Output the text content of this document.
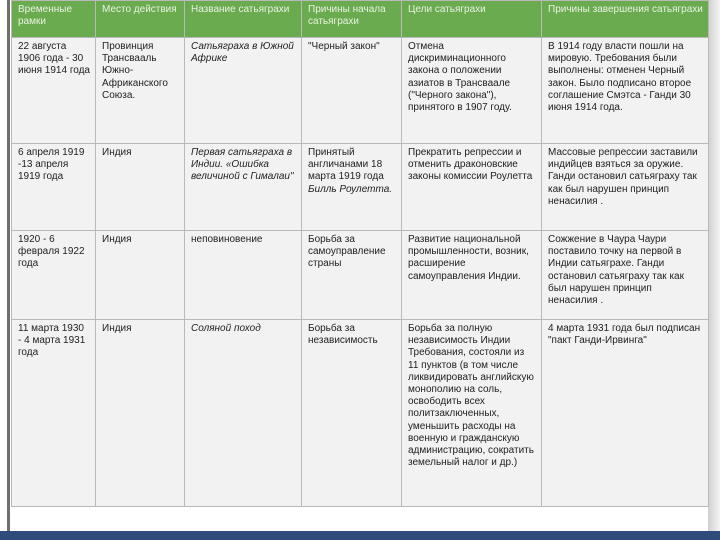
Временные рамки	Место действия	Название сатьяграхи	Причины начала сатьяграхи	Цели сатьяграхи	Причины завершения сатьяграхи
22 августа 1906 года - 30 июня 1914 года	Провинция Трансвааль Южно-Африканского Союза.	Сатьяграха в Южной Африке	"Черный закон"	Отмена дискриминационного закона о положении азиатов в Трансваале ("Черного закона"), принятого в 1907 году.	В 1914 году власти пошли на мировую. Требования были выполнены: отменен Черный закон. Было подписано второе соглашение Смэтса - Ганди 30 июня 1914 года.
6 апреля 1919 -13 апреля 1919 года	Индия	Первая сатьяграха в Индии. «Ошибка величиной с Гималаи"	Принятый англичанами 18 марта 1919 года Билль Роулетта.	Прекратить репрессии и отменить драконовские законы комиссии Роулетта	Массовые репрессии заставили индийцев взяться за оружие. Ганди остановил сатьяграху так как был нарушен принцип ненасилия .
1920 - 6 февраля 1922 года	Индия	неповиновение	Борьба за самоуправление страны	Развитие национальной промышленности, возник, расширение самоуправления Индии.	Сожжение в Чаура Чаури поставило точку на первой в Индии сатьяграхе. Ганди остановил сатьяграху так как был нарушен принцип ненасилия .
11 марта 1930 - 4 марта 1931 года	Индия	Соляной поход	Борьба за независимость	Борьба за полную независимость Индии Требования, состояли из 11 пунктов (в том числе ликвидировать английскую монополию на соль, освободить всех политзаключенных, уменьшить расходы на военную и гражданскую администрацию, сократить земельный налог и др.)	4 марта 1931 года был подписан "пакт Ганди-Ирвинга"
